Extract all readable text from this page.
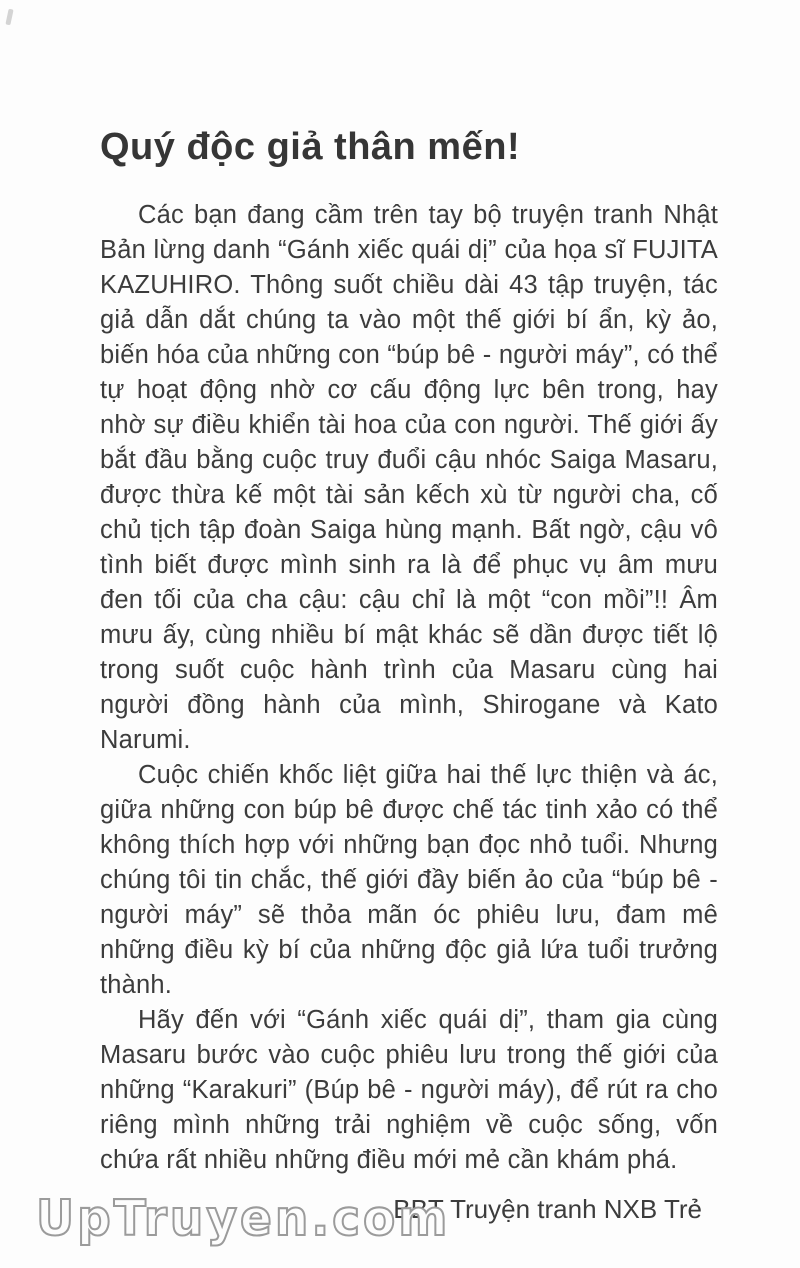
Quý độc giả thân mến!

Các bạn đang cầm trên tay bộ truyện tranh Nhật Bản lừng danh “Gánh xiếc quái dị” của họa sĩ FUJITA KAZUHIRO. Thông suốt chiều dài 43 tập truyện, tác giả dẫn dắt chúng ta vào một thế giới bí ẩn, kỳ ảo, biến hóa của những con “búp bê - người máy”, có thể tự hoạt động nhờ cơ cấu động lực bên trong, hay nhờ sự điều khiển tài hoa của con người. Thế giới ấy bắt đầu bằng cuộc truy đuổi cậu nhóc Saiga Masaru, được thừa kế một tài sản kếch xù từ người cha, cố chủ tịch tập đoàn Saiga hùng mạnh. Bất ngờ, cậu vô tình biết được mình sinh ra là để phục vụ âm mưu đen tối của cha cậu: cậu chỉ là một “con mồi”!! Âm mưu ấy, cùng nhiều bí mật khác sẽ dần được tiết lộ trong suốt cuộc hành trình của Masaru cùng hai người đồng hành của mình, Shirogane và Kato Narumi.

Cuộc chiến khốc liệt giữa hai thế lực thiện và ác, giữa những con búp bê được chế tác tinh xảo có thể không thích hợp với những bạn đọc nhỏ tuổi. Nhưng chúng tôi tin chắc, thế giới đầy biến ảo của “búp bê - người máy” sẽ thỏa mãn óc phiêu lưu, đam mê những điều kỳ bí của những độc giả lứa tuổi trưởng thành.

Hãy đến với “Gánh xiếc quái dị”, tham gia cùng Masaru bước vào cuộc phiêu lưu trong thế giới của những “Karakuri” (Búp bê - người máy), để rút ra cho riêng mình những trải nghiệm về cuộc sống, vốn chứa rất nhiều những điều mới mẻ cần khám phá.

BBT Truyện tranh NXB Trẻ
UpTruyen.com
